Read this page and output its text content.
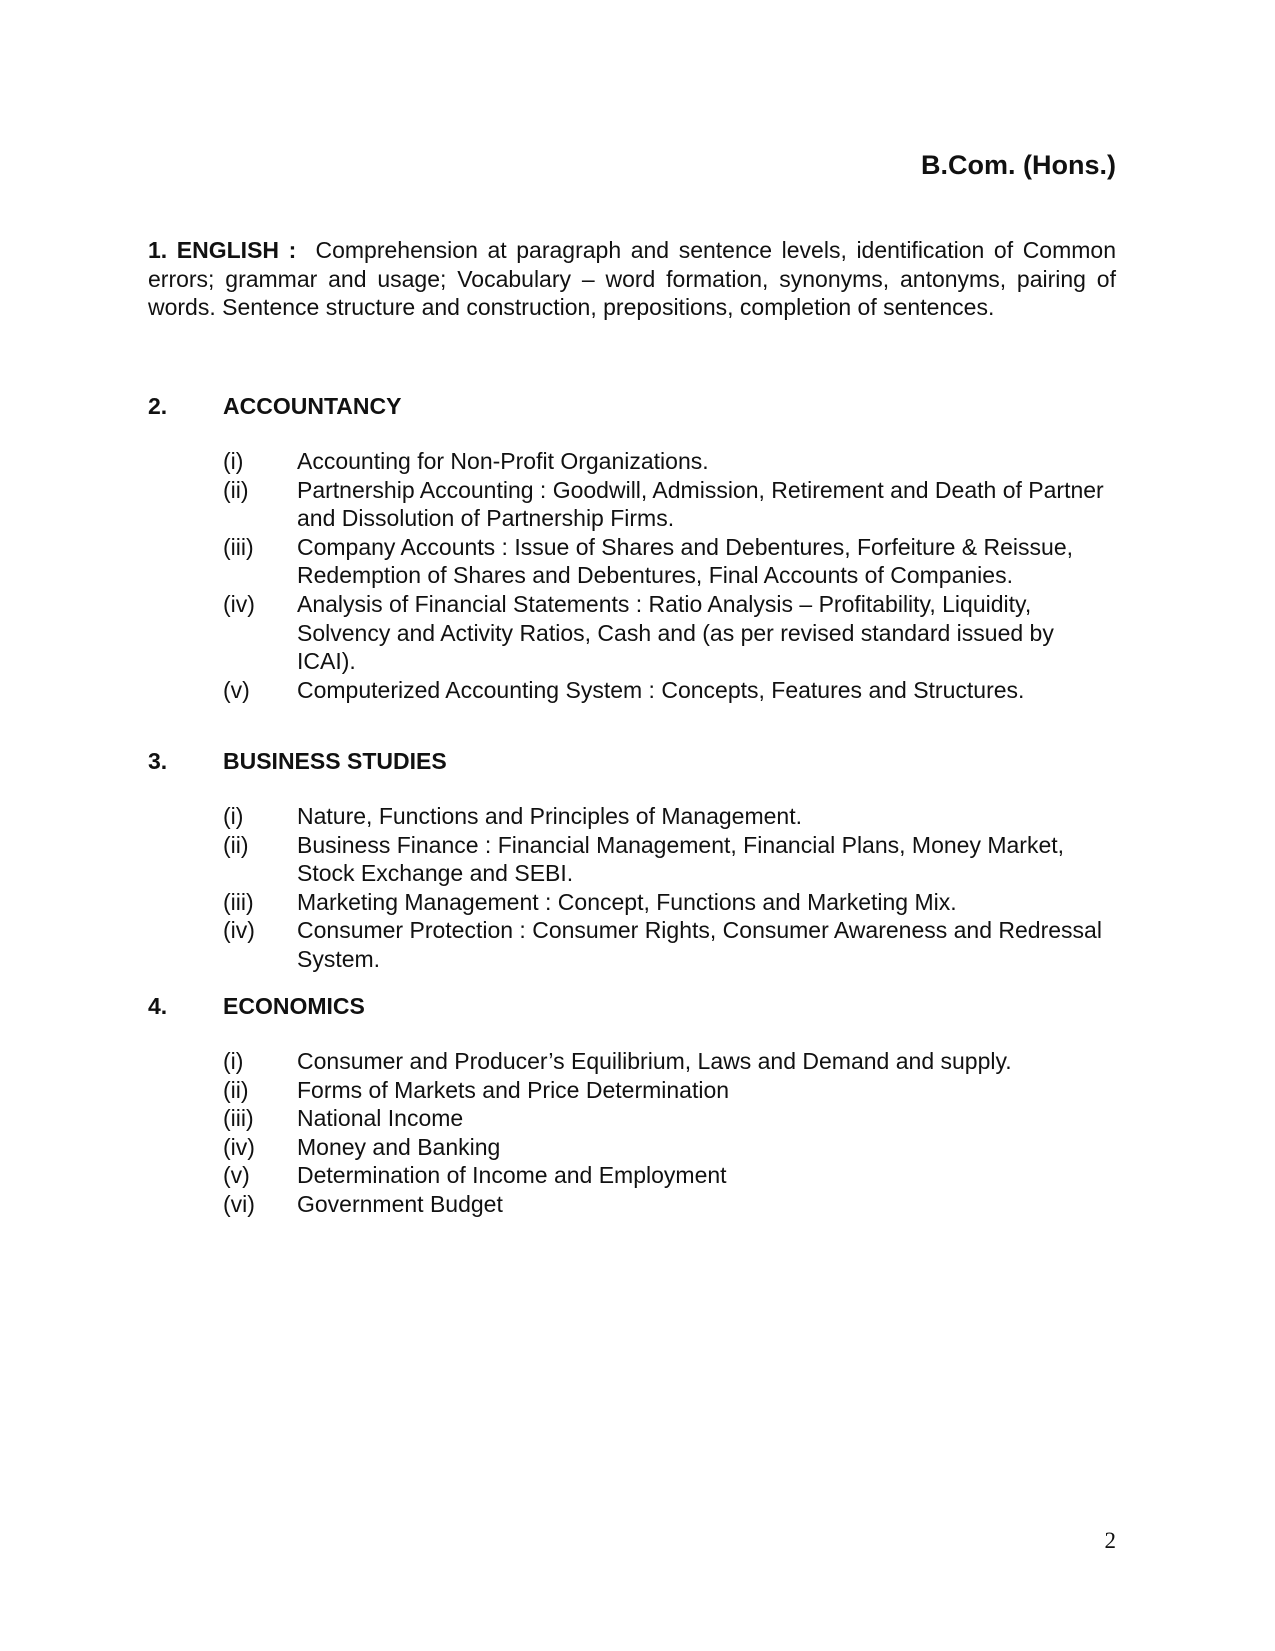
B.Com. (Hons.)

1. ENGLISH : Comprehension at paragraph and sentence levels, identification of Common errors; grammar and usage; Vocabulary – word formation, synonyms, antonyms, pairing of words. Sentence structure and construction, prepositions, completion of sentences.

2. ACCOUNTANCY
(i)	Accounting for Non-Profit Organizations.
(ii)	Partnership Accounting : Goodwill, Admission, Retirement and Death of Partner and Dissolution of Partnership Firms.
(iii)	Company Accounts : Issue of Shares and Debentures, Forfeiture & Reissue, Redemption of Shares and Debentures, Final Accounts of Companies.
(iv)	Analysis of Financial Statements : Ratio Analysis – Profitability, Liquidity, Solvency and Activity Ratios, Cash and (as per revised standard issued by ICAI).
(v)	Computerized Accounting System : Concepts, Features and Structures.
3. BUSINESS STUDIES
(i)	Nature, Functions and Principles of Management.
(ii)	Business Finance : Financial Management, Financial Plans, Money Market, Stock Exchange and SEBI.
(iii)	Marketing Management : Concept, Functions and Marketing Mix.
(iv)	Consumer Protection : Consumer Rights, Consumer Awareness and Redressal System.
4. ECONOMICS
(i)	Consumer and Producer’s Equilibrium, Laws and Demand and supply.
(ii)	Forms of Markets and Price Determination
(iii)	National Income
(iv)	Money and Banking
(v)	Determination of Income and Employment
(vi)	Government Budget

2
